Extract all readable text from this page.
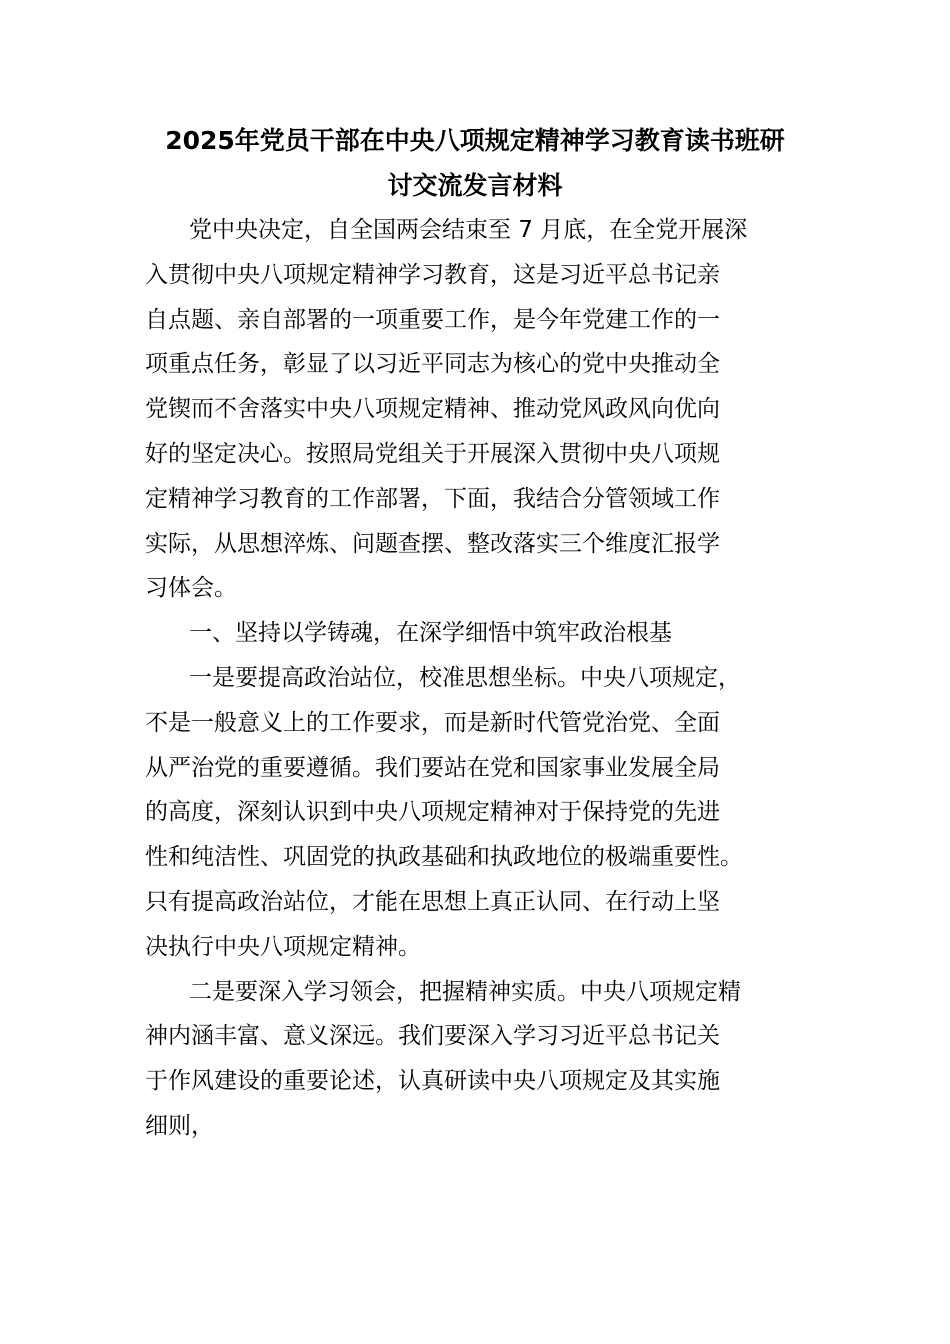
2025年党员干部在中央八项规定精神学习教育读书班研
讨交流发言材料
党中央决定，自全国两会结束至 7 月底，在全党开展深
入贯彻中央八项规定精神学习教育，这是习近平总书记亲
自点题、亲自部署的一项重要工作，是今年党建工作的一
项重点任务，彰显了以习近平同志为核心的党中央推动全
党锲而不舍落实中央八项规定精神、推动党风政风向优向
好的坚定决心。按照局党组关于开展深入贯彻中央八项规
定精神学习教育的工作部署，下面，我结合分管领域工作
实际，从思想淬炼、问题查摆、整改落实三个维度汇报学
习体会。
一、坚持以学铸魂，在深学细悟中筑牢政治根基
一是要提高政治站位，校准思想坐标。中央八项规定，
不是一般意义上的工作要求，而是新时代管党治党、全面
从严治党的重要遵循。我们要站在党和国家事业发展全局
的高度，深刻认识到中央八项规定精神对于保持党的先进
性和纯洁性、巩固党的执政基础和执政地位的极端重要性。
只有提高政治站位，才能在思想上真正认同、在行动上坚
决执行中央八项规定精神。
二是要深入学习领会，把握精神实质。中央八项规定精
神内涵丰富、意义深远。我们要深入学习习近平总书记关
于作风建设的重要论述，认真研读中央八项规定及其实施
细则，
